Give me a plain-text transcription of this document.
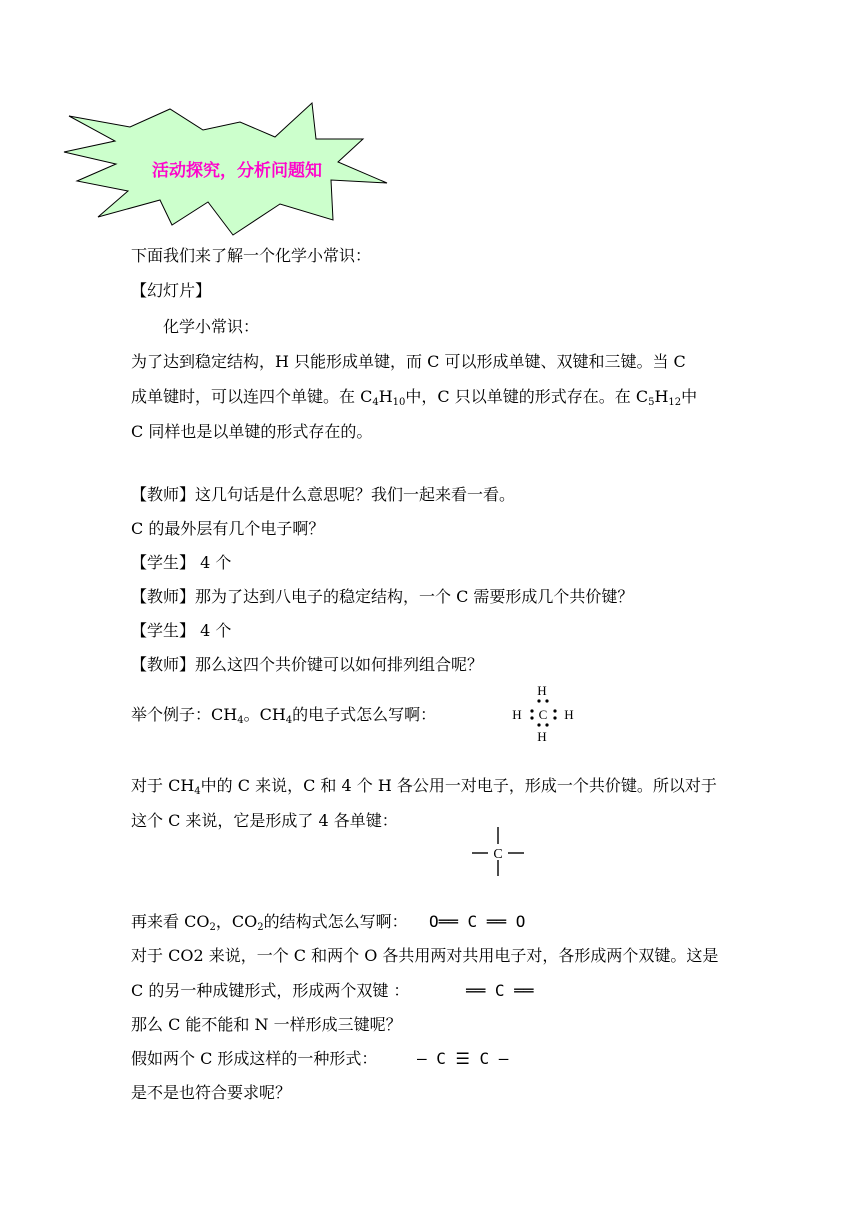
活动探究，分析问题知
下面我们来了解一个化学小常识：
【幻灯片】
化学小常识：
为了达到稳定结构，H 只能形成单键，而 C 可以形成单键、双键和三键。当 C
成单键时，可以连四个单键。在 $C_4H_{10}$中，C 只以单键的形式存在。在 $C_5H_{12}$中
C 同样也是以单键的形式存在的。
【教师】这几句话是什么意思呢？我们一起来看一看。
C 的最外层有几个电子啊？
【学生】 4 个
【教师】那为了达到八电子的稳定结构，一个 C 需要形成几个共价键？
【学生】 4 个
【教师】那么这四个共价键可以如何排列组合呢？
举个例子：$CH_4$。$CH_4$的电子式怎么写啊：
H
H C H
H
对于 $CH_4$中的 C 来说，C 和 4 个 H 各公用一对电子，形成一个共价键。所以对于
这个 C 来说，它是形成了 4 各单键：
C
再来看 $CO_2$，$CO_2$的结构式怎么写啊： O══ C ══ O
对于 CO2 来说，一个 C 和两个 O 各共用两对共用电子对，各形成两个双键。这是
C 的另一种成键形式，形成两个双键 ：	══ C ══
那么 C 能不能和 N 一样形成三键呢？
假如两个 C 形成这样的一种形式： — C ☰ C —
是不是也符合要求呢？
